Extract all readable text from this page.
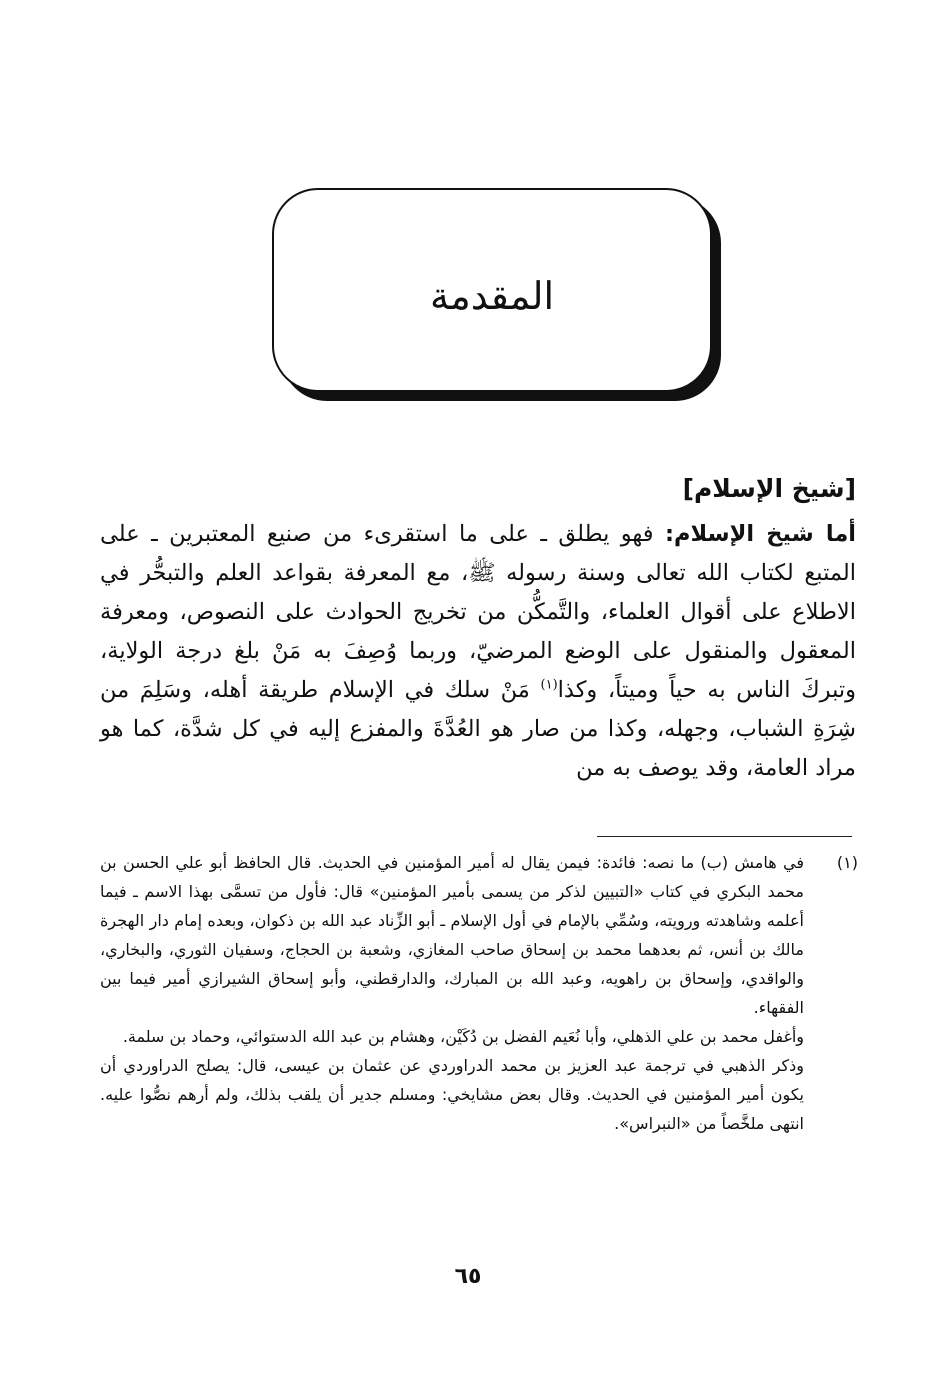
المقدمة
[شيخ الإسلام]
أما شيخ الإسلام: فهو يطلق ـ على ما استقرىء من صنيع المعتبرين ـ على المتبع لكتاب الله تعالى وسنة رسوله ﷺ، مع المعرفة بقواعد العلم والتبحُّر في الاطلاع على أقوال العلماء، والتَّمكُّن من تخريج الحوادث على النصوص، ومعرفة المعقول والمنقول على الوضع المرضيّ، وربما وُصِفَ به مَنْ بلغ درجة الولاية، وتبركَ الناس به حياً وميتاً، وكذا$^{(١)}$ مَنْ سلك في الإسلام طريقة أهله، وسَلِمَ من شِرَةِ الشباب، وجهله، وكذا من صار هو العُدَّةَ والمفزع إليه في كل شدَّة، كما هو مراد العامة، وقد يوصف به من
(١)

في هامش (ب) ما نصه: فائدة: فيمن يقال له أمير المؤمنين في الحديث. قال الحافظ أبو علي الحسن بن محمد البكري في كتاب «التبيين لذكر من يسمى بأمير المؤمنين» قال: فأول من تسمَّى بهذا الاسم ـ فيما أعلمه وشاهدته ورويته، وسُمِّي بالإمام في أول الإسلام ـ أبو الزِّناد عبد الله بن ذكوان، وبعده إمام دار الهجرة مالك بن أنس، ثم بعدهما محمد بن إسحاق صاحب المغازي، وشعبة بن الحجاج، وسفيان الثوري، والبخاري، والواقدي، وإسحاق بن راهويه، وعبد الله بن المبارك، والدارقطني، وأبو إسحاق الشيرازي أمير فيما بين الفقهاء.

وأغفل محمد بن علي الذهلي، وأبا نُعَيم الفضل بن دُكَيْن، وهشام بن عبد الله الدستوائي، وحماد بن سلمة.

وذكر الذهبي في ترجمة عبد العزيز بن محمد الدراوردي عن عثمان بن عيسى، قال: يصلح الدراوردي أن يكون أمير المؤمنين في الحديث. وقال بعض مشايخي: ومسلم جدير أن يلقب بذلك، ولم أرهم نصُّوا عليه. انتهى ملخَّصاً من «النبراس».

٦٥
